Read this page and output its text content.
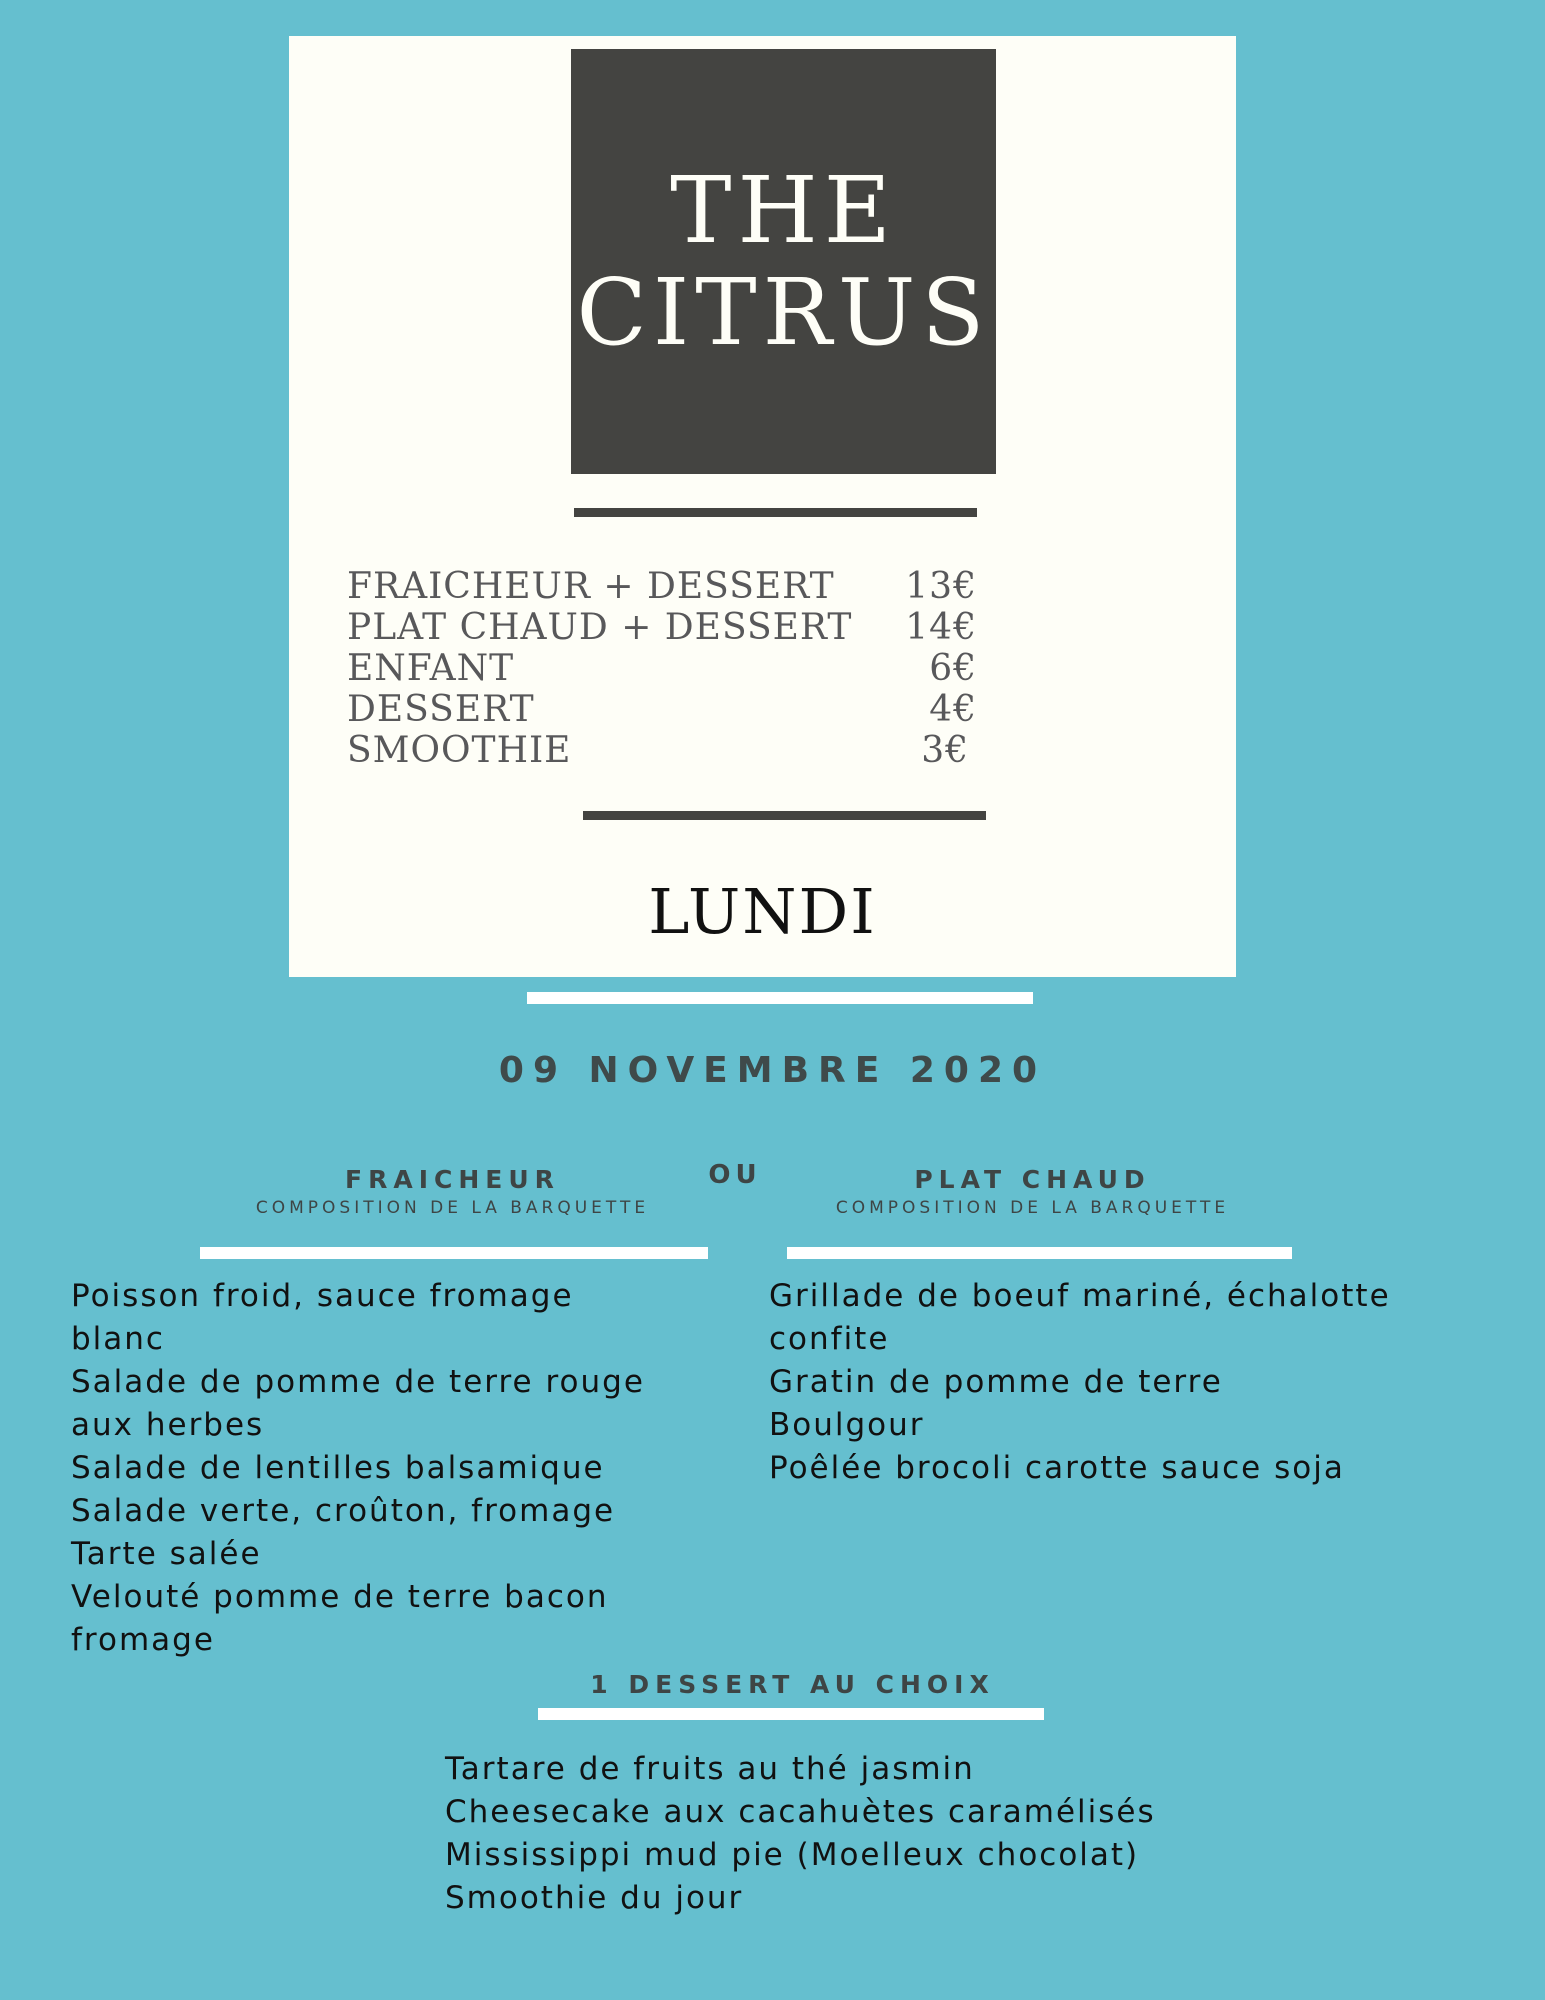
THE
CITRUS
FRAICHEUR + DESSERT	13€
PLAT CHAUD + DESSERT	14€
ENFANT	6€
DESSERT	4€
SMOOTHIE	3€
LUNDI
09 NOVEMBRE 2020
FRAICHEUR
COMPOSITION DE LA BARQUETTE
OU	PLAT CHAUD
COMPOSITION DE LA BARQUETTE
Poisson froid, sauce fromage
blanc
Salade de pomme de terre rouge
aux herbes
Salade de lentilles balsamique
Salade verte, croûton, fromage
Tarte salée
Velouté pomme de terre bacon
fromage
Grillade de boeuf mariné, échalotte
confite
Gratin de pomme de terre
Boulgour
Poêlée brocoli carotte sauce soja
1 DESSERT AU CHOIX
Tartare de fruits au thé jasmin
Cheesecake aux cacahuètes caramélisés
Mississippi mud pie (Moelleux chocolat)
Smoothie du jour
